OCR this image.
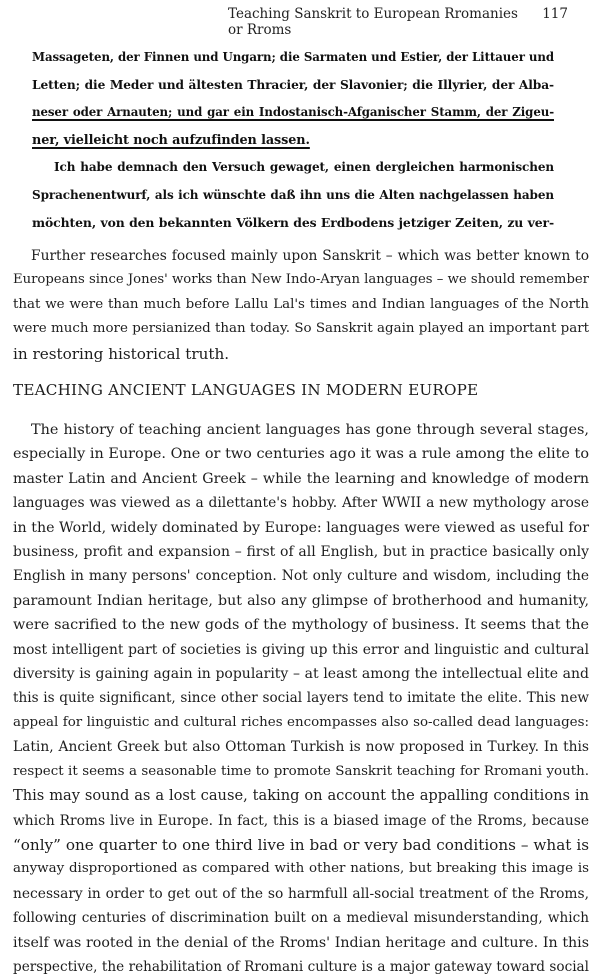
Teaching Sanskrit to European Rromanies or Rroms
117
Massageten, der Finnen und Ungarn; die Sarmaten und Estier, der Littauer und
Letten; die Meder und ältesten Thracier, der Slavonier; die Illyrier, der Alba-
neser oder Arnauten; und gar ein Indostanisch-Afganischer Stamm, der Zigeu-
ner, vielleicht noch aufzufinden lassen.
Ich habe demnach den Versuch gewaget, einen dergleichen harmonischen
Sprachenentwurf, als ich wünschte daß ihn uns die Alten nachgelassen haben
möchten, von den bekannten Völkern des Erdbodens jetziger Zeiten, zu ver-
Further researches focused mainly upon Sanskrit – which was better known to
Europeans since Jones' works than New Indo-Aryan languages – we should remember
that we were than much before Lallu Lal's times and Indian languages of the North
were much more persianized than today. So Sanskrit again played an important part
in restoring historical truth.
TEACHING ANCIENT LANGUAGES IN MODERN EUROPE
The history of teaching ancient languages has gone through several stages,
especially in Europe. One or two centuries ago it was a rule among the elite to
master Latin and Ancient Greek – while the learning and knowledge of modern
languages was viewed as a dilettante's hobby. After WWII a new mythology arose
in the World, widely dominated by Europe: languages were viewed as useful for
business, profit and expansion – first of all English, but in practice basically only
English in many persons' conception. Not only culture and wisdom, including the
paramount Indian heritage, but also any glimpse of brotherhood and humanity,
were sacrified to the new gods of the mythology of business. It seems that the
most intelligent part of societies is giving up this error and linguistic and cultural
diversity is gaining again in popularity – at least among the intellectual elite and
this is quite significant, since other social layers tend to imitate the elite. This new
appeal for linguistic and cultural riches encompasses also so-called dead languages:
Latin, Ancient Greek but also Ottoman Turkish is now proposed in Turkey. In this
respect it seems a seasonable time to promote Sanskrit teaching for Rromani youth.
This may sound as a lost cause, taking on account the appalling conditions in
which Rroms live in Europe. In fact, this is a biased image of the Rroms, because
“only” one quarter to one third live in bad or very bad conditions – what is
anyway disproportioned as compared with other nations, but breaking this image is
necessary in order to get out of the so harmfull all-social treatment of the Rroms,
following centuries of discrimination built on a medieval misunderstanding, which
itself was rooted in the denial of the Rroms' Indian heritage and culture. In this
perspective, the rehabilitation of Rromani culture is a major gateway toward social
